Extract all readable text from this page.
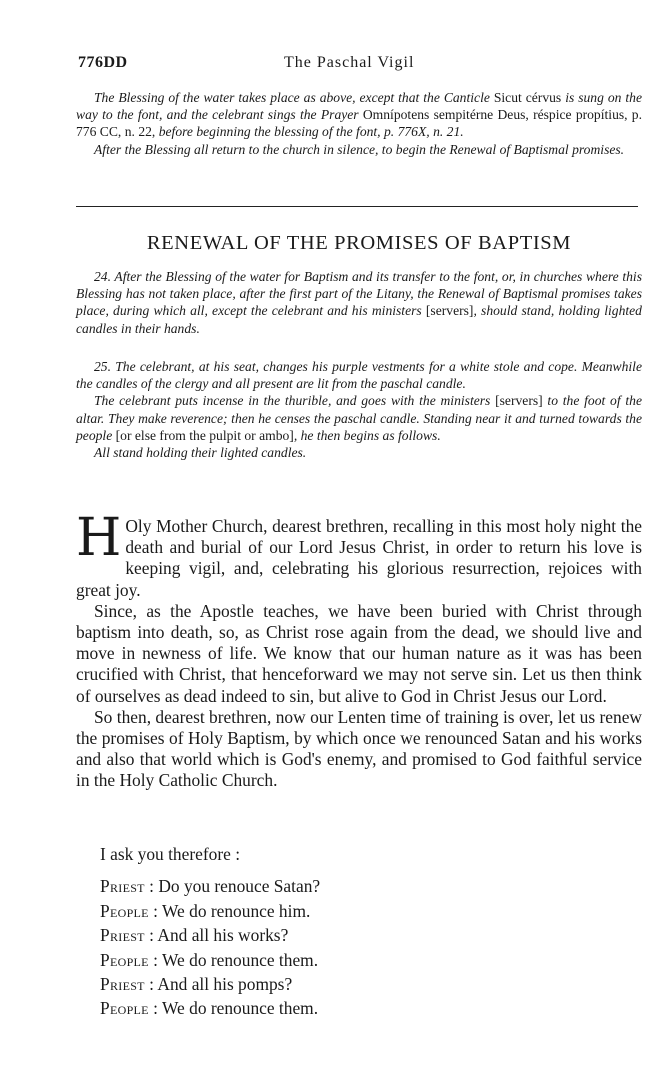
776DD	The Paschal Vigil

The Blessing of the water takes place as above, except that the Canticle Sicut cérvus is sung on the way to the font, and the celebrant sings the Prayer Omnípotens sempitérne Deus, réspice propítius, p. 776 CC, n. 22, before beginning the blessing of the font, p. 776X, n. 21.

After the Blessing all return to the church in silence, to begin the Renewal of Baptismal promises.

RENEWAL OF THE PROMISES OF BAPTISM

24. After the Blessing of the water for Baptism and its transfer to the font, or, in churches where this Blessing has not taken place, after the first part of the Litany, the Renewal of Baptismal promises takes place, during which all, except the celebrant and his ministers [servers], should stand, holding lighted candles in their hands.

25. The celebrant, at his seat, changes his purple vestments for a white stole and cope. Meanwhile the candles of the clergy and all present are lit from the paschal candle.

The celebrant puts incense in the thurible, and goes with the ministers [servers] to the foot of the altar. They make reverence; then he censes the paschal candle. Standing near it and turned towards the people [or else from the pulpit or ambo], he then begins as follows.

All stand holding their lighted candles.

H Oly Mother Church, dearest brethren, recalling in this most holy night the death and burial of our Lord Jesus Christ, in order to return his love is keeping vigil, and, celebrating his glorious resurrection, rejoices with great joy.

Since, as the Apostle teaches, we have been buried with Christ through baptism into death, so, as Christ rose again from the dead, we should live and move in newness of life. We know that our human nature as it was has been crucified with Christ, that henceforward we may not serve sin. Let us then think of ourselves as dead indeed to sin, but alive to God in Christ Jesus our Lord.

So then, dearest brethren, now our Lenten time of training is over, let us renew the promises of Holy Baptism, by which once we renounced Satan and his works and also that world which is God's enemy, and promised to God faithful service in the Holy Catholic Church.

I ask you therefore :
Priest : Do you renouce Satan?
People : We do renounce him.
Priest : And all his works?
People : We do renounce them.
Priest : And all his pomps?
People : We do renounce them.
